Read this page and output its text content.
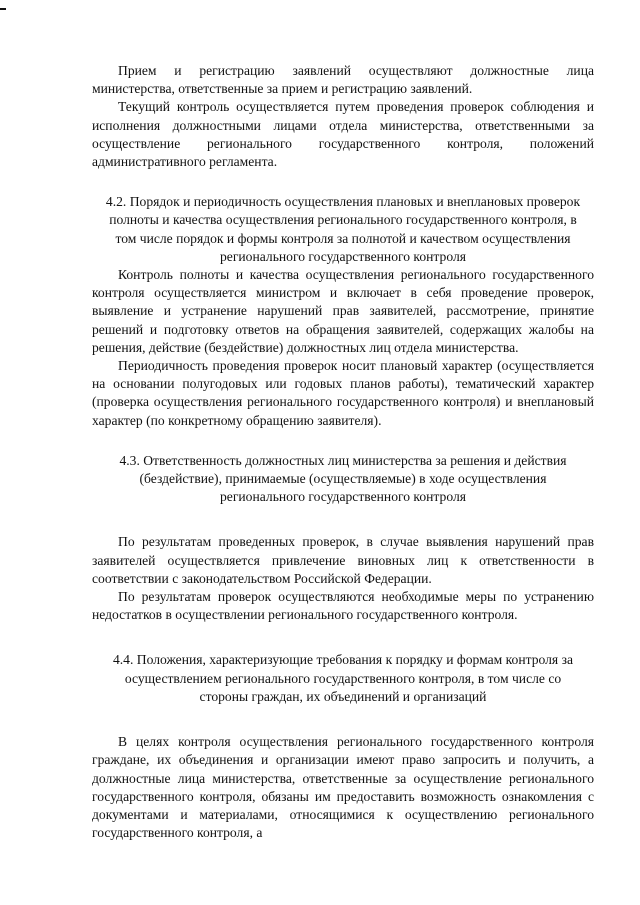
Прием и регистрацию заявлений осуществляют должностные лица министерства, ответственные за прием и регистрацию заявлений.

Текущий контроль осуществляется путем проведения проверок соблюдения и исполнения должностными лицами отдела министерства, ответственными за осуществление регионального государственного контроля, положений административного регламента.

4.2. Порядок и периодичность осуществления плановых и внеплановых проверок полноты и качества осуществления регионального государственного контроля, в том числе порядок и формы контроля за полнотой и качеством осуществления регионального государственного контроля

Контроль полноты и качества осуществления регионального государственного контроля осуществляется министром и включает в себя проведение проверок, выявление и устранение нарушений прав заявителей, рассмотрение, принятие решений и подготовку ответов на обращения заявителей, содержащих жалобы на решения, действие (бездействие) должностных лиц отдела министерства.

Периодичность проведения проверок носит плановый характер (осуществляется на основании полугодовых или годовых планов работы), тематический характер (проверка осуществления регионального государственного контроля) и внеплановый характер (по конкретному обращению заявителя).

4.3. Ответственность должностных лиц министерства за решения и действия (бездействие), принимаемые (осуществляемые) в ходе осуществления регионального государственного контроля

По результатам проведенных проверок, в случае выявления нарушений прав заявителей осуществляется привлечение виновных лиц к ответственности в соответствии с законодательством Российской Федерации.

По результатам проверок осуществляются необходимые меры по устранению недостатков в осуществлении регионального государственного контроля.

4.4. Положения, характеризующие требования к порядку и формам контроля за осуществлением регионального государственного контроля, в том числе со стороны граждан, их объединений и организаций

В целях контроля осуществления регионального государственного контроля граждане, их объединения и организации имеют право запросить и получить, а должностные лица министерства, ответственные за осуществление регионального государственного контроля, обязаны им предоставить возможность ознакомления с документами и материалами, относящимися к осуществлению регионального государственного контроля, а
